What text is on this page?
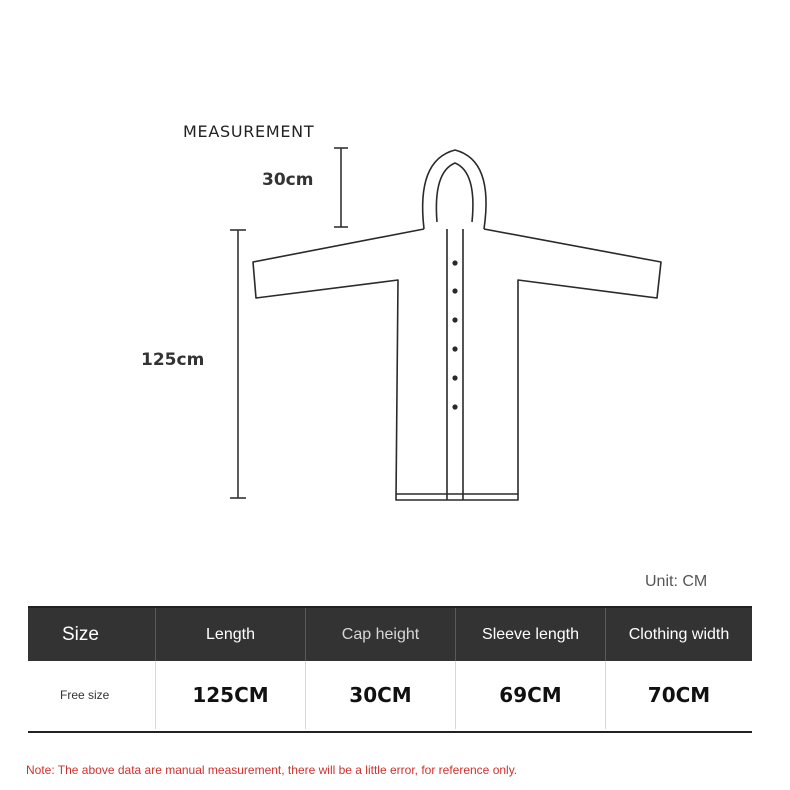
MEASUREMENT
30cm
125cm
Unit: CM
Size	Length	Cap height	Sleeve length	Clothing width
Free size	125CM	30CM	69CM	70CM
Note: The above data are manual measurement, there will be a little error, for reference only.
